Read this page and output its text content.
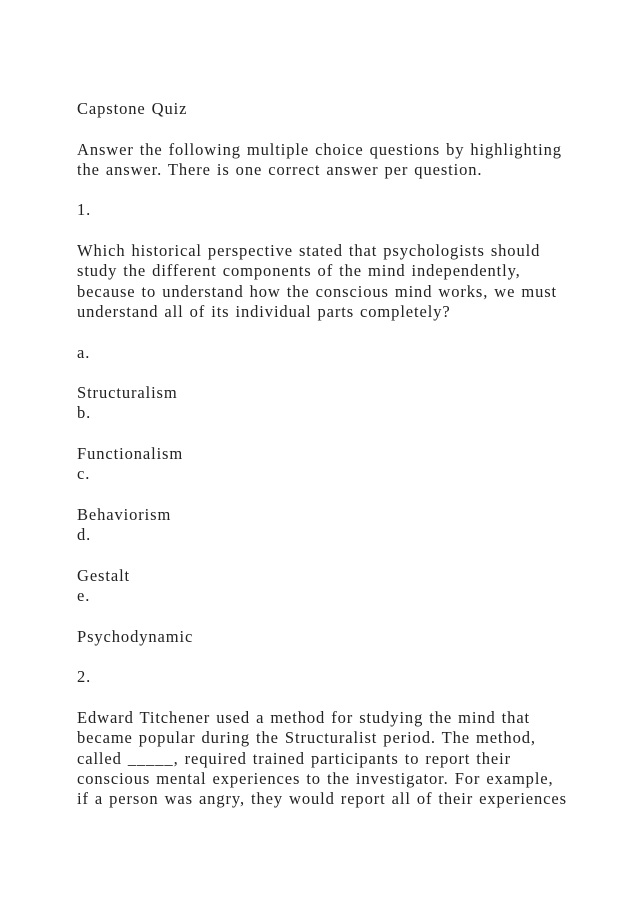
Capstone Quiz

Answer the following multiple choice questions by highlighting
the answer. There is one correct answer per question.

1.

Which historical perspective stated that psychologists should
study the different components of the mind independently,
because to understand how the conscious mind works, we must
understand all of its individual parts completely?

a.

Structuralism

b.

Functionalism

c.

Behaviorism

d.

Gestalt

e.

Psychodynamic

2.

Edward Titchener used a method for studying the mind that
became popular during the Structuralist period. The method,
called _____, required trained participants to report their
conscious mental experiences to the investigator. For example,
if a person was angry, they would report all of their experiences
